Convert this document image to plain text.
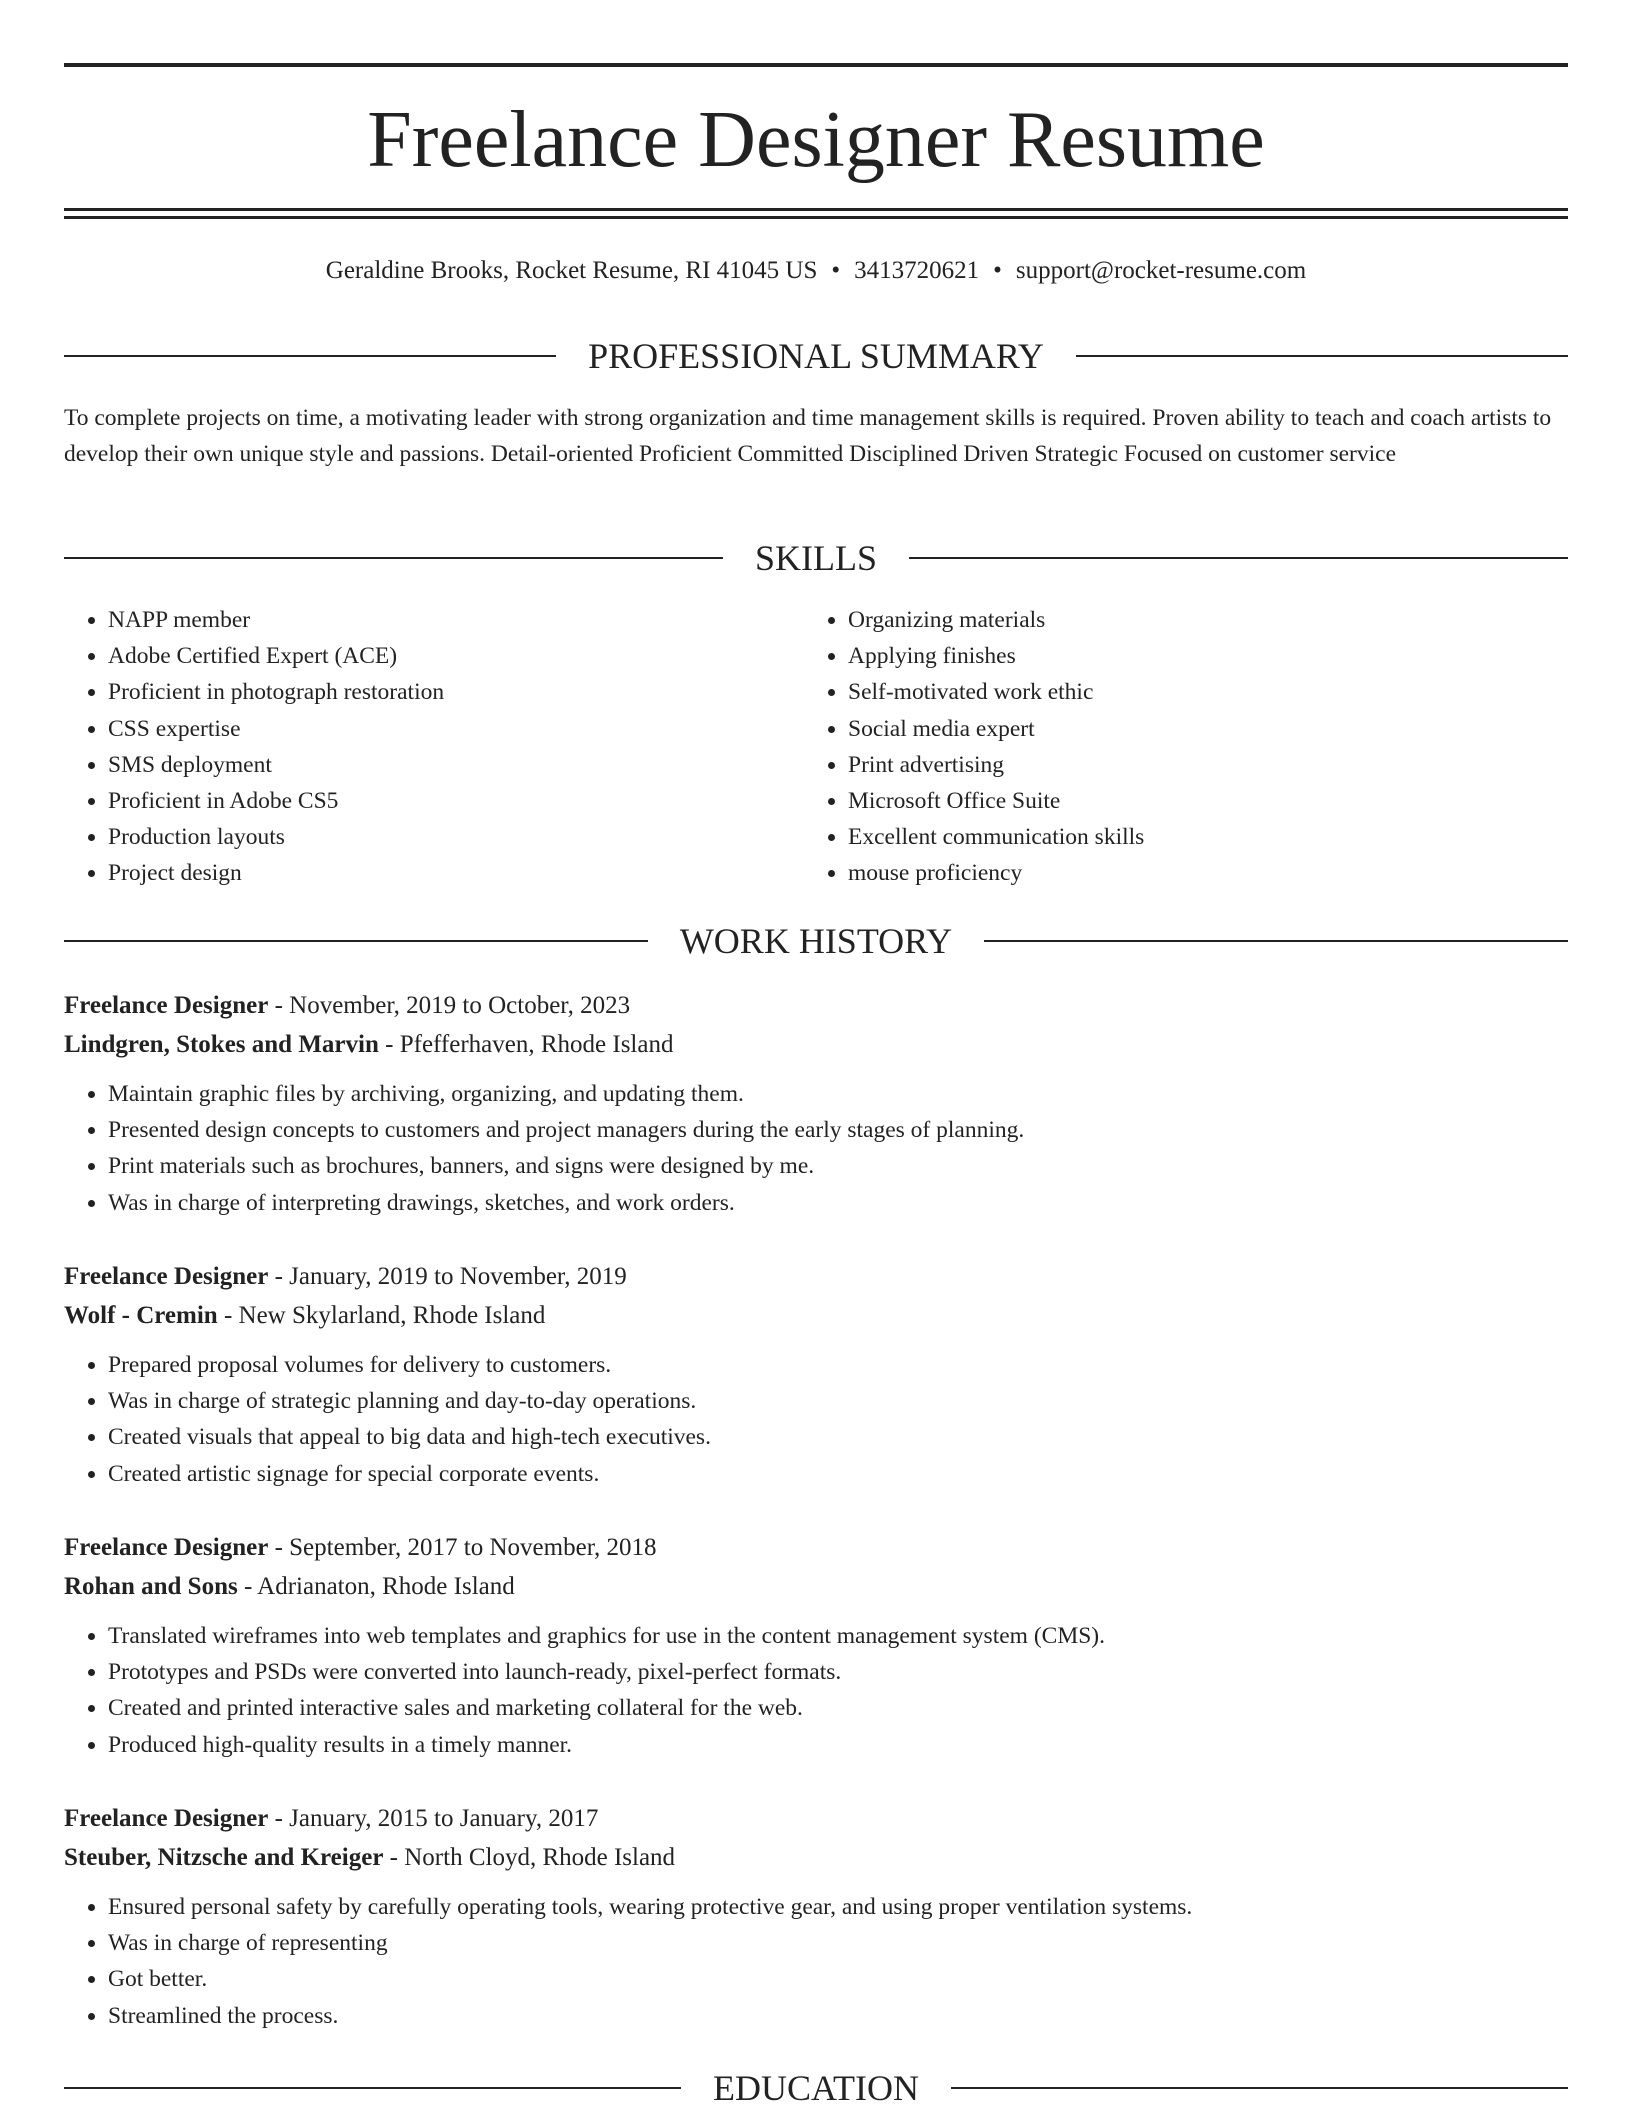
Freelance Designer Resume
Geraldine Brooks, Rocket Resume, RI 41045 US • 3413720621 • support@rocket-resume.com
PROFESSIONAL SUMMARY

To complete projects on time, a motivating leader with strong organization and time management skills is required. Proven ability to teach and coach artists to develop their own unique style and passions. Detail-oriented Proficient Committed Disciplined Driven Strategic Focused on customer service

SKILLS
• NAPP member
• Adobe Certified Expert (ACE)
• Proficient in photograph restoration
• CSS expertise
• SMS deployment
• Proficient in Adobe CS5
• Production layouts
• Project design
• Organizing materials
• Applying finishes
• Self-motivated work ethic
• Social media expert
• Print advertising
• Microsoft Office Suite
• Excellent communication skills
• mouse proficiency
WORK HISTORY
Freelance Designer - November, 2019 to October, 2023
Lindgren, Stokes and Marvin - Pfefferhaven, Rhode Island
• Maintain graphic files by archiving, organizing, and updating them.
• Presented design concepts to customers and project managers during the early stages of planning.
• Print materials such as brochures, banners, and signs were designed by me.
• Was in charge of interpreting drawings, sketches, and work orders.
Freelance Designer - January, 2019 to November, 2019
Wolf - Cremin - New Skylarland, Rhode Island
• Prepared proposal volumes for delivery to customers.
• Was in charge of strategic planning and day-to-day operations.
• Created visuals that appeal to big data and high-tech executives.
• Created artistic signage for special corporate events.
Freelance Designer - September, 2017 to November, 2018
Rohan and Sons - Adrianaton, Rhode Island
• Translated wireframes into web templates and graphics for use in the content management system (CMS).
• Prototypes and PSDs were converted into launch-ready, pixel-perfect formats.
• Created and printed interactive sales and marketing collateral for the web.
• Produced high-quality results in a timely manner.
Freelance Designer - January, 2015 to January, 2017
Steuber, Nitzsche and Kreiger - North Cloyd, Rhode Island
• Ensured personal safety by carefully operating tools, wearing protective gear, and using proper ventilation systems.
• Was in charge of representing
• Got better.
• Streamlined the process.
EDUCATION
